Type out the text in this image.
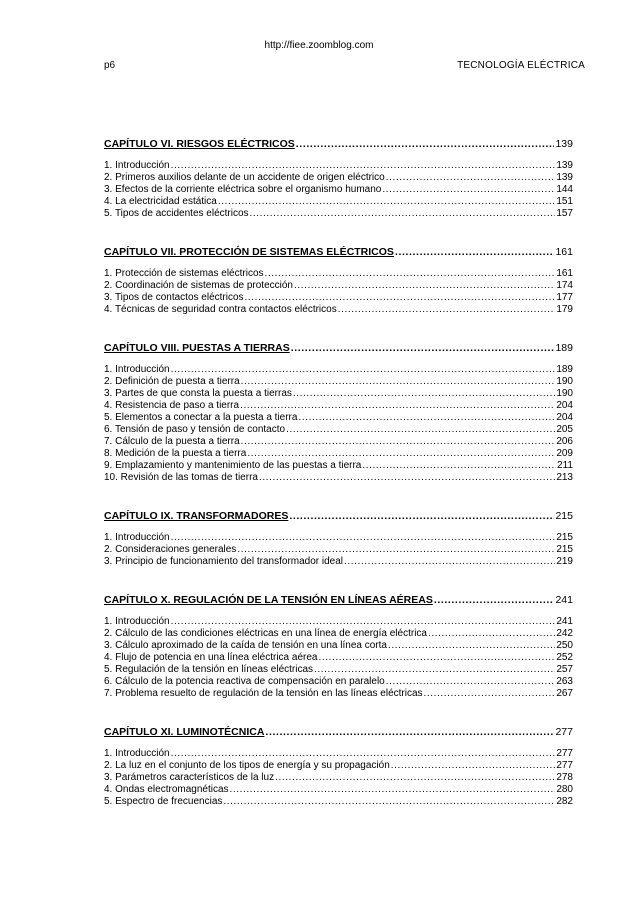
http://fiee.zoomblog.com
p6	TECNOLOGÍA ELÉCTRICA
CAPÍTULO VI. RIESGOS ELÉCTRICOS .....	139
1. Introducción .....	139
2. Primeros auxilios delante de un accidente de origen eléctrico .....	139
3. Efectos de la corriente eléctrica sobre el organismo humano .....	144
4. La electricidad estática .....	151
5. Tipos de accidentes eléctricos .....	157
CAPÍTULO VII. PROTECCIÓN DE SISTEMAS ELÉCTRICOS .....	161
1. Protección de sistemas eléctricos .....	161
2. Coordinación de sistemas de protección .....	174
3. Tipos de contactos eléctricos .....	177
4. Técnicas de seguridad contra contactos eléctricos .....	179
CAPÍTULO VIII. PUESTAS A TIERRAS .....	189
1. Introducción .....	189
2. Definición de puesta a tierra .....	190
3. Partes de que consta la puesta a tierras .....	190
4. Resistencia de paso a tierra .....	204
5. Elementos a conectar a la puesta a tierra .....	204
6. Tensión de paso y tensión de contacto .....	205
7. Cálculo de la puesta a tierra .....	206
8. Medición de la puesta a tierra .....	209
9. Emplazamiento y mantenimiento de las puestas a tierra .....	211
10. Revisión de las tomas de tierra .....	213
CAPÍTULO IX. TRANSFORMADORES .....	215
1. Introducción .....	215
2. Consideraciones generales .....	215
3. Principio de funcionamiento del transformador ideal .....	219
CAPÍTULO X. REGULACIÓN DE LA TENSIÓN EN LÍNEAS AÉREAS .....	241
1. Introducción .....	241
2. Cálculo de las condiciones eléctricas en una línea de energía eléctrica .....	242
3. Cálculo aproximado de la caída de tensión en una línea corta .....	250
4. Flujo de potencia en una línea eléctrica aérea .....	252
5. Regulación de la tensión en líneas eléctricas .....	257
6. Cálculo de la potencia reactiva de compensación en paralelo .....	263
7. Problema resuelto de regulación de la tensión en las líneas eléctricas .....	267
CAPÍTULO XI. LUMINOTÉCNICA .....	277
1. Introducción .....	277
2. La luz en el conjunto de los tipos de energía y su propagación .....	277
3. Parámetros característicos de la luz .....	278
4. Ondas electromagnéticas .....	280
5. Espectro de frecuencias .....	282
